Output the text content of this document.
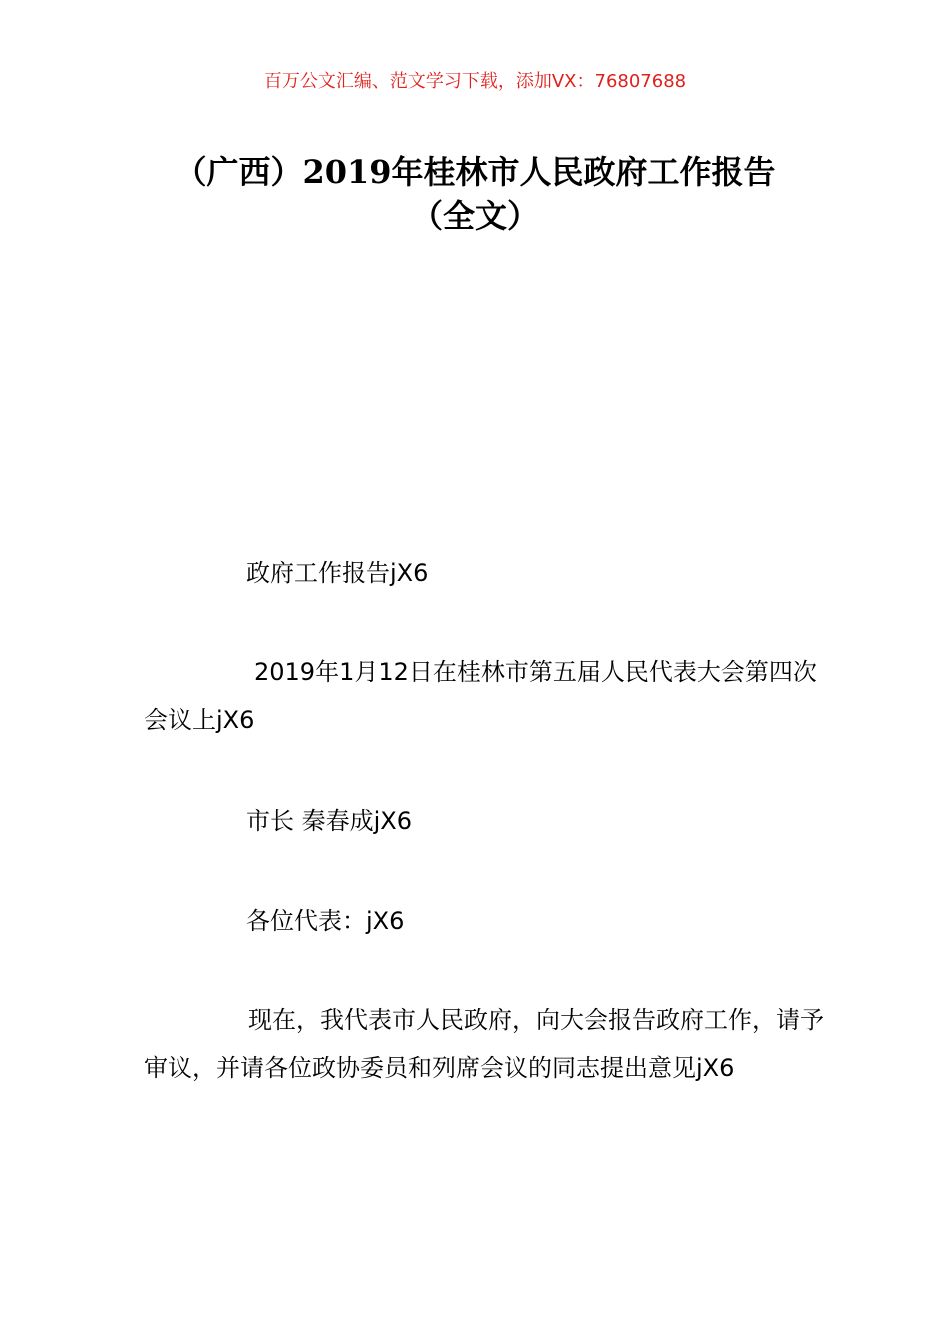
百万公文汇编、范文学习下载，添加VX：76807688
（广西）2019年桂林市人民政府工作报告
（全文）

政府工作报告jX6

2019年1月12日在桂林市第五届人民代表大会第四次会议上jX6

市长 秦春成jX6

各位代表：jX6

现在，我代表市人民政府，向大会报告政府工作，请予审议，并请各位政协委员和列席会议的同志提出意见jX6
